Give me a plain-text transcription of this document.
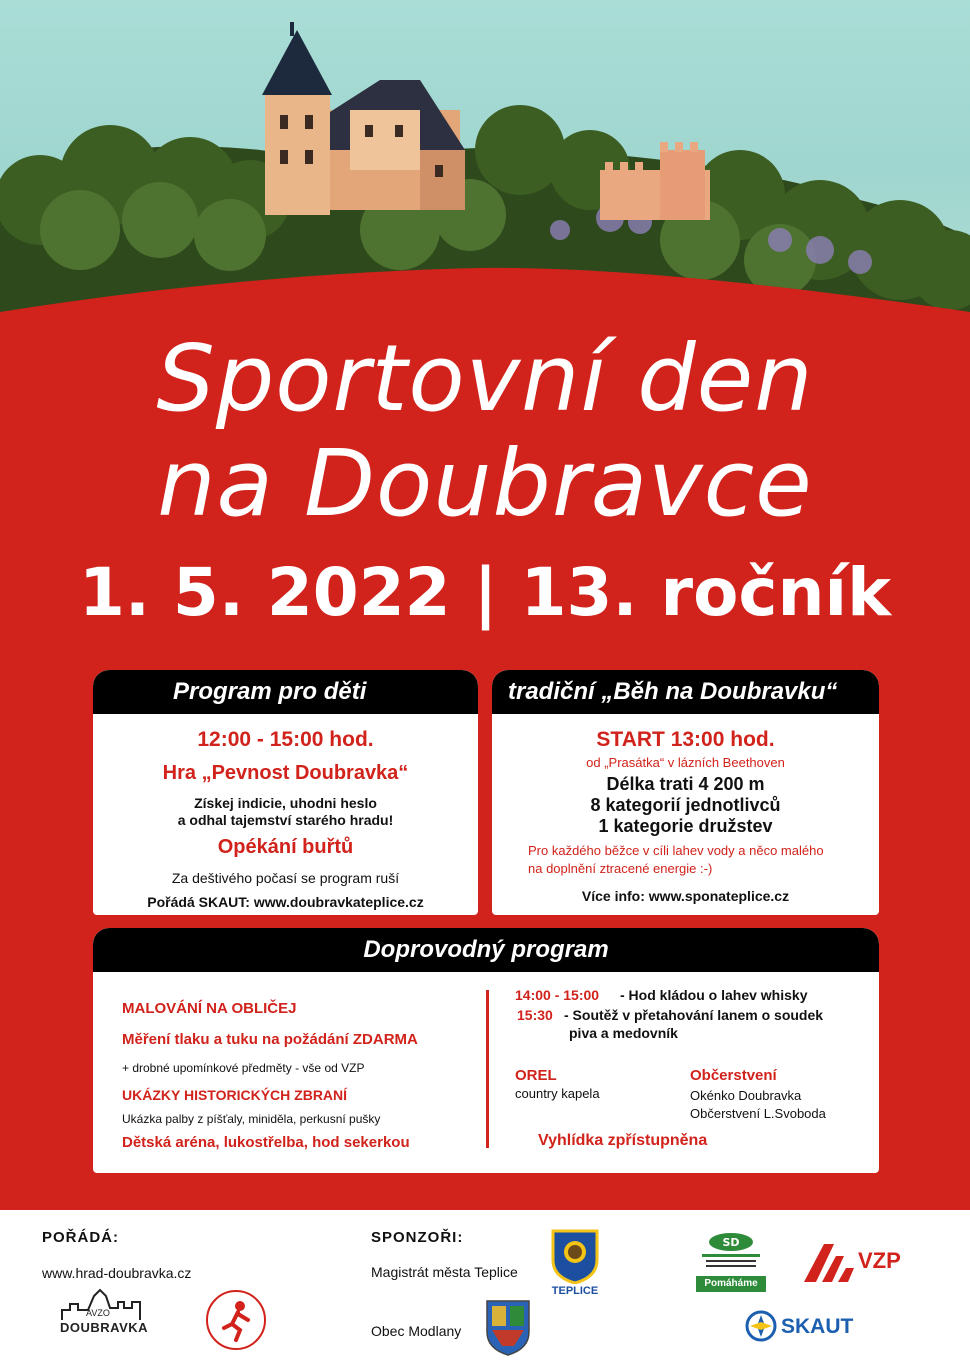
Sportovní den
na Doubravce
1. 5. 2022 | 13. ročník
Program pro děti
12:00 - 15:00 hod.
Hra „Pevnost Doubravka“
Získej indicie, uhodni heslo
a odhal tajemství starého hradu!
Opékání buřtů
Za deštivého počasí se program ruší
Pořádá SKAUT: www.doubravkateplice.cz
tradiční „Běh na Doubravku“
START 13:00 hod.
od „Prasátka“ v lázních Beethoven
Délka trati 4 200 m
8 kategorií jednotlivců
1 kategorie družstev
Pro každého běžce v cíli lahev vody a něco malého
na doplnění ztracené energie :-)
Více info: www.sponateplice.cz
Doprovodný program
MALOVÁNÍ NA OBLIČEJ
Měření tlaku a tuku na požádání ZDARMA
+ drobné upomínkové předměty - vše od VZP
UKÁZKY HISTORICKÝCH ZBRANÍ
Ukázka palby z píšťaly, miniděla, perkusní pušky
Dětská aréna, lukostřelba, hod sekerkou
14:00 - 15:00 - Hod kládou o lahev whisky
15:30 - Soutěž v přetahování lanem o soudek
piva a medovník
OREL
country kapela
Občerstvení
Okénko Doubravka
Občerstvení L.Svoboda
Vyhlídka zpřístupněna
POŘÁDÁ:
www.hrad-doubravka.cz
AVZO
DOUBRAVKA
SPONZOŘI:
Magistrát města Teplice
Obec Modlany
TEPLICE
SD
Pomáháme
VZP
SKAUT
